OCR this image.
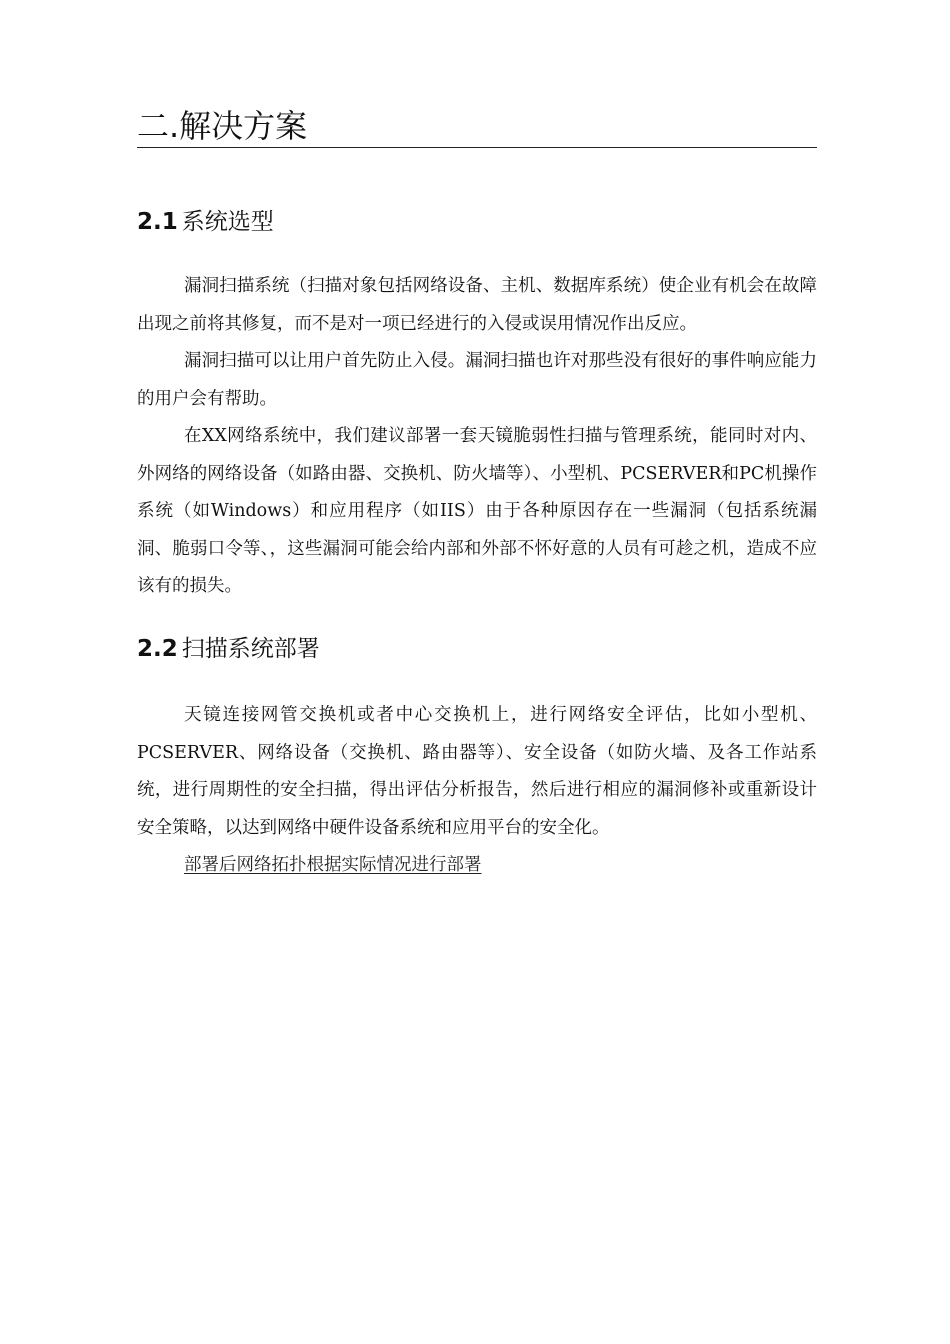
二.解决方案
2.1 系统选型

漏洞扫描系统（扫描对象包括网络设备、主机、数据库系统）使企业有机会在故障出现之前将其修复，而不是对一项已经进行的入侵或误用情况作出反应。

漏洞扫描可以让用户首先防止入侵。漏洞扫描也许对那些没有很好的事件响应能力的用户会有帮助。

在XX网络系统中，我们建议部署一套天镜脆弱性扫描与管理系统，能同时对内、外网络的网络设备（如路由器、交换机、防火墙等）、小型机、PCSERVER和PC机操作系统（如Windows）和应用程序（如IIS）由于各种原因存在一些漏洞（包括系统漏洞、脆弱口令等、，这些漏洞可能会给内部和外部不怀好意的人员有可趁之机，造成不应该有的损失。

2.2 扫描系统部署

天镜连接网管交换机或者中心交换机上，进行网络安全评估，比如小型机、PCSERVER、网络设备（交换机、路由器等）、安全设备（如防火墙、及各工作站系统，进行周期性的安全扫描，得出评估分析报告，然后进行相应的漏洞修补或重新设计安全策略，以达到网络中硬件设备系统和应用平台的安全化。

部署后网络拓扑根据实际情况进行部署
